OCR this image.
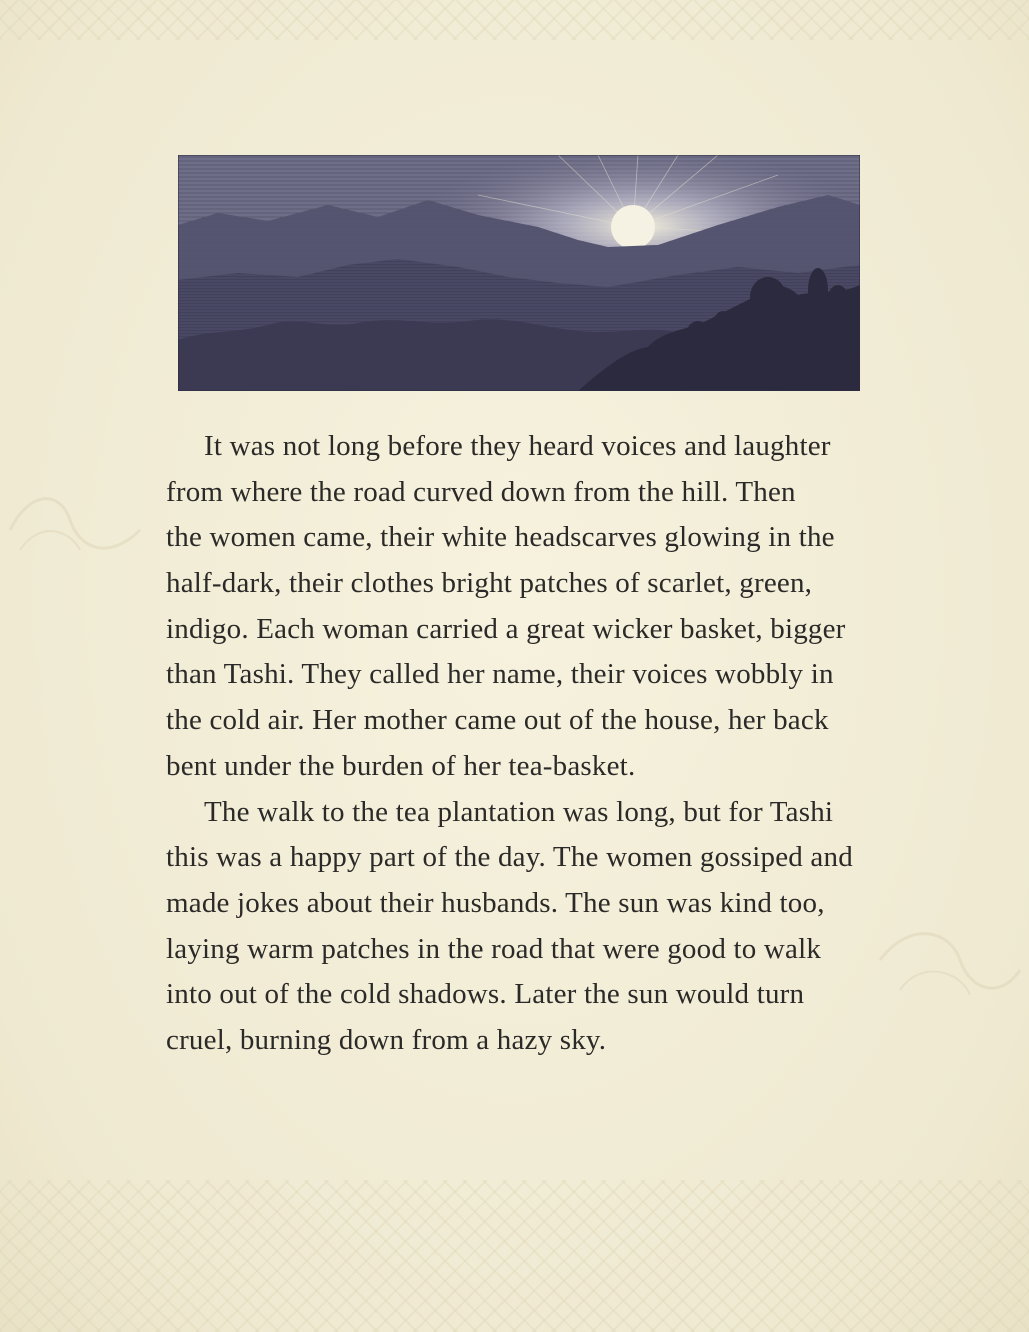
It was not long before they heard voices and laughter
from where the road curved down from the hill. Then
the women came, their white headscarves glowing in the
half-dark, their clothes bright patches of scarlet, green,
indigo. Each woman carried a great wicker basket, bigger
than Tashi. They called her name, their voices wobbly in
the cold air. Her mother came out of the house, her back
bent under the burden of her tea-basket.
The walk to the tea plantation was long, but for Tashi
this was a happy part of the day. The women gossiped and
made jokes about their husbands. The sun was kind too,
laying warm patches in the road that were good to walk
into out of the cold shadows. Later the sun would turn
cruel, burning down from a hazy sky.
